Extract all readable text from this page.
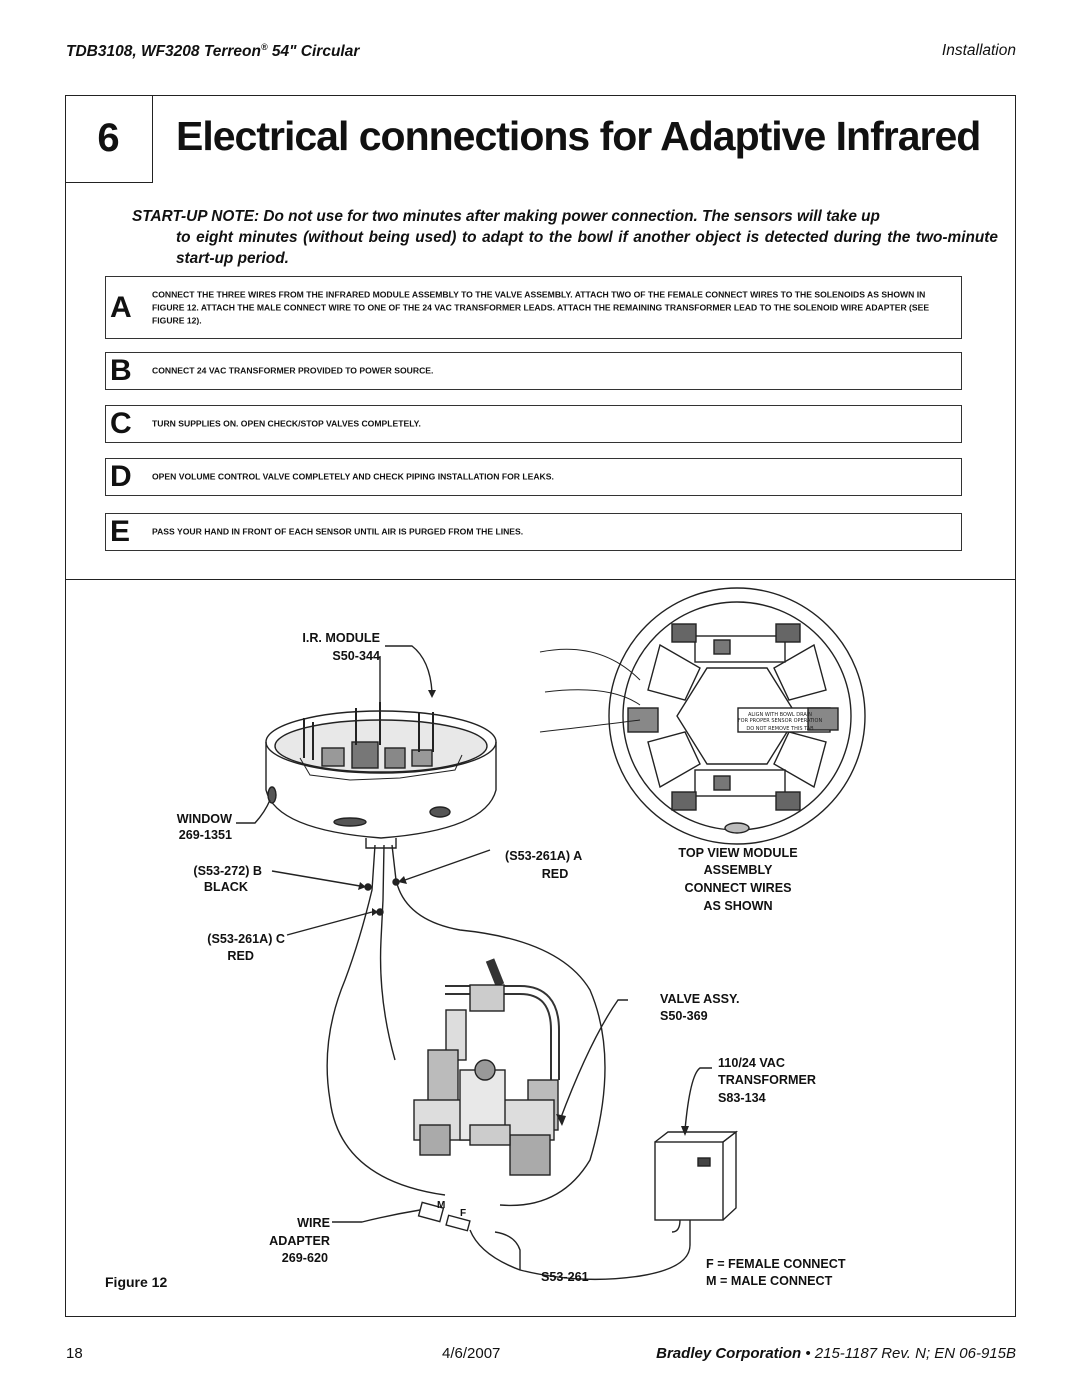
TDB3108, WF3208 Terreon® 54" Circular	Installation
6	Electrical connections for Adaptive Infrared
START-UP NOTE: Do not use for two minutes after making power connection. The sensors will take up
to eight minutes (without being used) to adapt to the bowl if another object is detected during the two-minute start-up period.
A CONNECT THE THREE WIRES FROM THE INFRARED MODULE ASSEMBLY TO THE VALVE ASSEMBLY. ATTACH TWO OF THE FEMALE CONNECT WIRES TO THE SOLENOIDS AS SHOWN IN FIGURE 12. ATTACH THE MALE CONNECT WIRE TO ONE OF THE 24 VAC TRANSFORMER LEADS. ATTACH THE REMAINING TRANSFORMER LEAD TO THE SOLENOID WIRE ADAPTER (SEE FIGURE 12).
B CONNECT 24 VAC TRANSFORMER PROVIDED TO POWER SOURCE.
C TURN SUPPLIES ON. OPEN CHECK/STOP VALVES COMPLETELY.
D OPEN VOLUME CONTROL VALVE COMPLETELY AND CHECK PIPING INSTALLATION FOR LEAKS.
E	PASS YOUR HAND IN FRONT OF EACH SENSOR UNTIL AIR IS PURGED FROM THE LINES.
ALIGN WITH BOWL DRAIN
FOR PROPER SENSOR OPERATION
DO NOT REMOVE THIS TAB
I.R. MODULE
S50-344
WINDOW
269-1351
(S53-272) B
BLACK
(S53-261A) C
RED
(S53-261A) A
RED
TOP VIEW MODULE
ASSEMBLY
CONNECT WIRES
AS SHOWN
VALVE ASSY.
S50-369
110/24 VAC
TRANSFORMER
S83-134
WIRE
ADAPTER
269-620
S53-261
M
F
F = FEMALE CONNECT
M = MALE CONNECT
Figure 12
18	4/6/2007	Bradley Corporation • 215-1187 Rev. N; EN 06-915B
